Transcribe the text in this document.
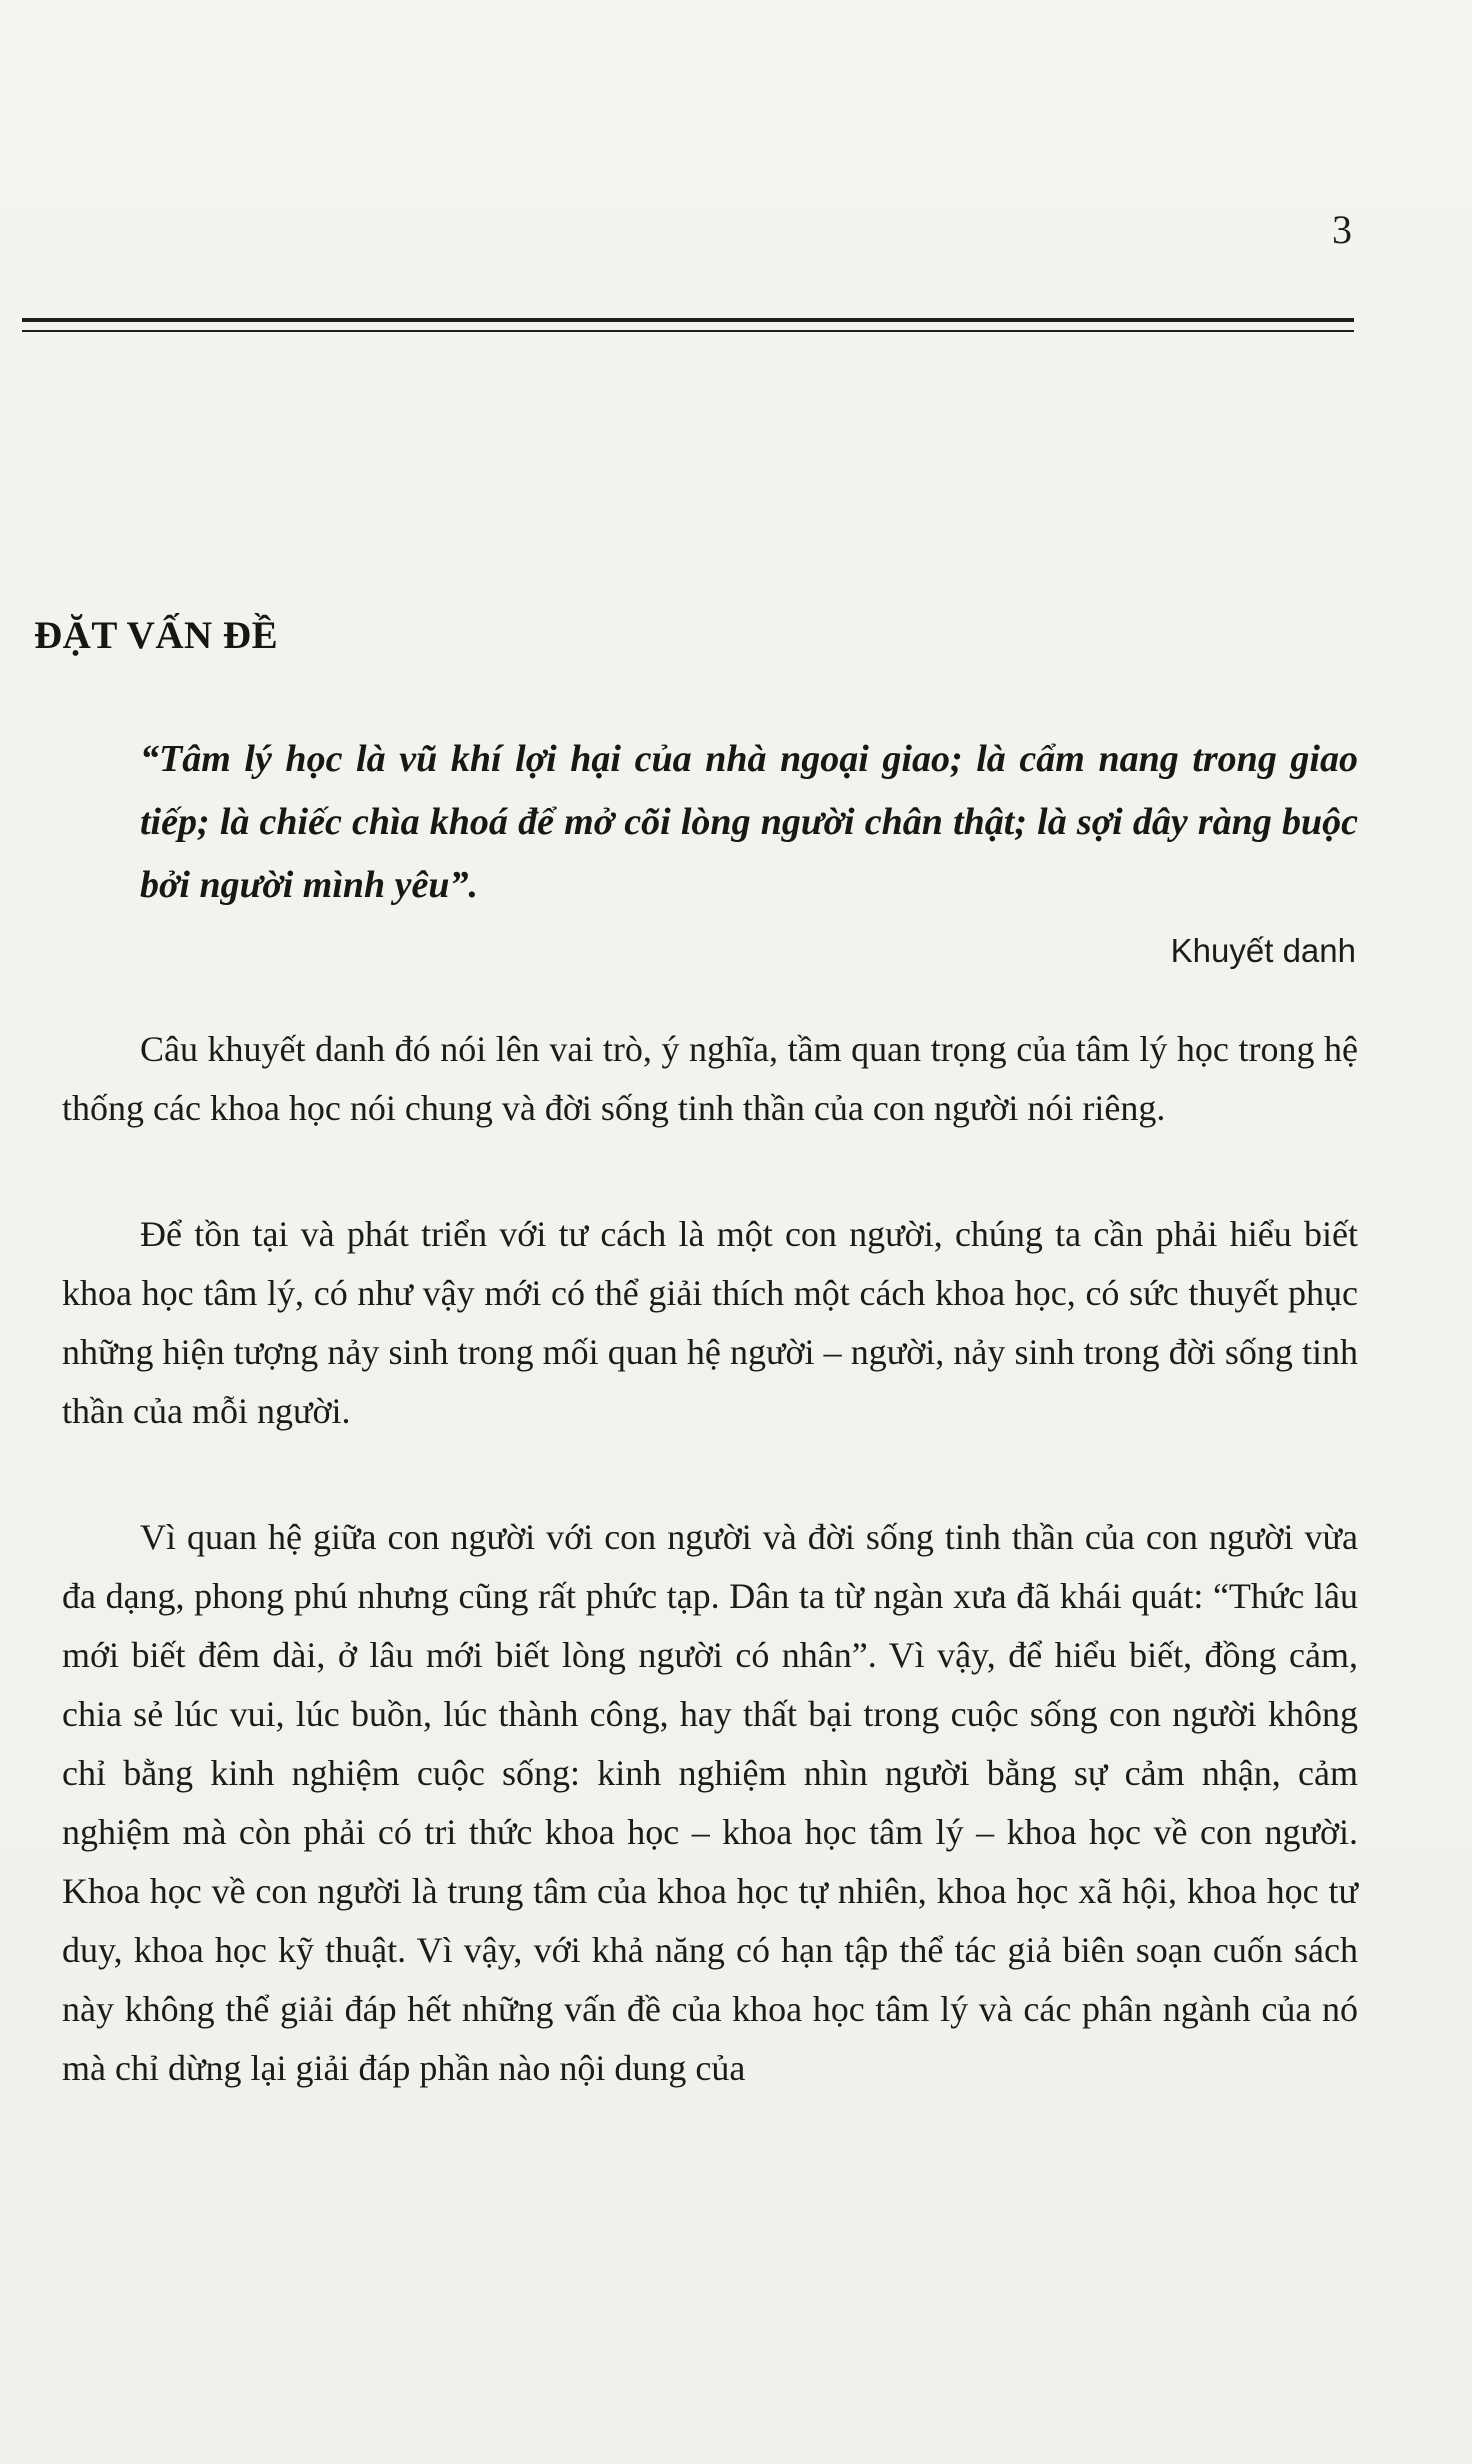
3
ĐẶT VẤN ĐỀ

“Tâm lý học là vũ khí lợi hại của nhà ngoại giao; là cẩm nang trong giao tiếp; là chiếc chìa khoá để mở cõi lòng người chân thật; là sợi dây ràng buộc bởi người mình yêu”.

Khuyết danh

Câu khuyết danh đó nói lên vai trò, ý nghĩa, tầm quan trọng của tâm lý học trong hệ thống các khoa học nói chung và đời sống tinh thần của con người nói riêng.

Để tồn tại và phát triển với tư cách là một con người, chúng ta cần phải hiểu biết khoa học tâm lý, có như vậy mới có thể giải thích một cách khoa học, có sức thuyết phục những hiện tượng nảy sinh trong mối quan hệ người – người, nảy sinh trong đời sống tinh thần của mỗi người.

Vì quan hệ giữa con người với con người và đời sống tinh thần của con người vừa đa dạng, phong phú nhưng cũng rất phức tạp. Dân ta từ ngàn xưa đã khái quát: “Thức lâu mới biết đêm dài, ở lâu mới biết lòng người có nhân”. Vì vậy, để hiểu biết, đồng cảm, chia sẻ lúc vui, lúc buồn, lúc thành công, hay thất bại trong cuộc sống con người không chỉ bằng kinh nghiệm cuộc sống: kinh nghiệm nhìn người bằng sự cảm nhận, cảm nghiệm mà còn phải có tri thức khoa học – khoa học tâm lý – khoa học về con người. Khoa học về con người là trung tâm của khoa học tự nhiên, khoa học xã hội, khoa học tư duy, khoa học kỹ thuật. Vì vậy, với khả năng có hạn tập thể tác giả biên soạn cuốn sách này không thể giải đáp hết những vấn đề của khoa học tâm lý và các phân ngành của nó mà chỉ dừng lại giải đáp phần nào nội dung của
